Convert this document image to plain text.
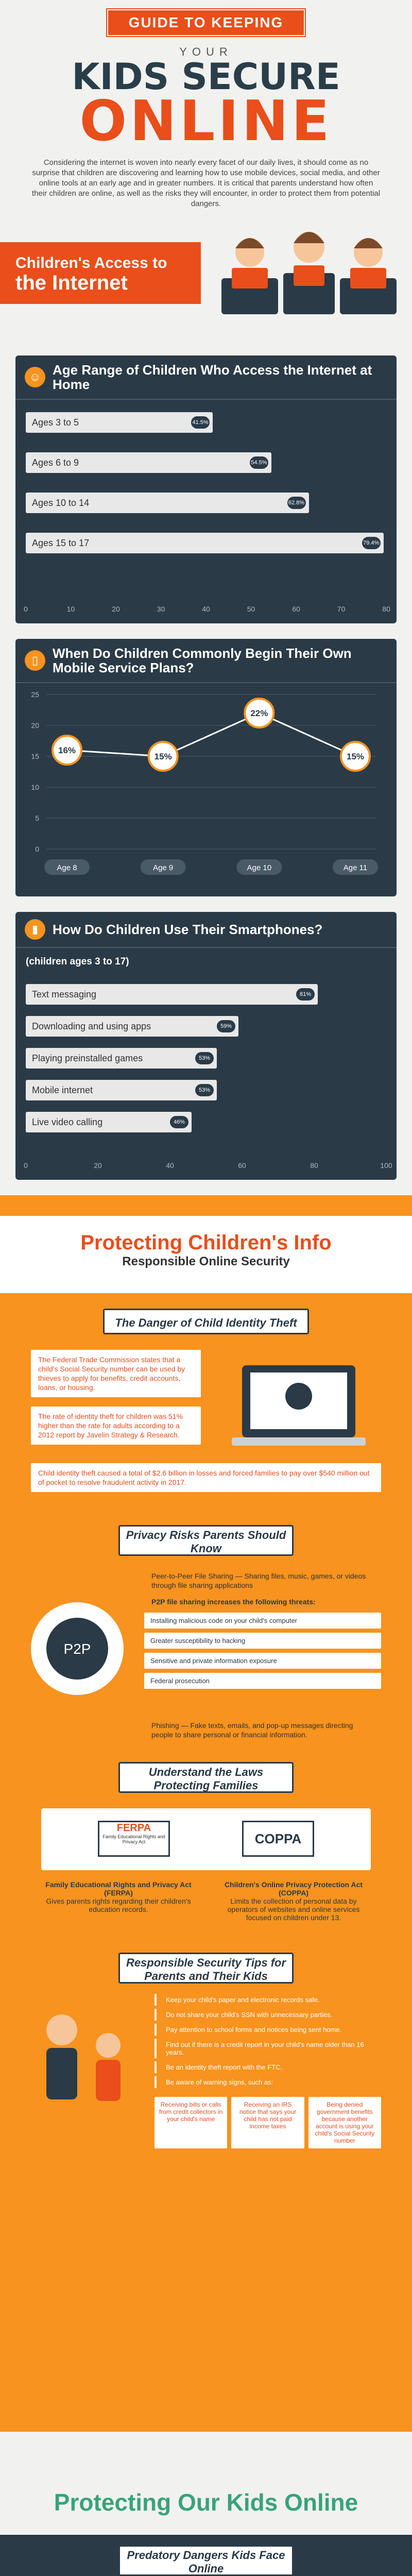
GUIDE TO KEEPING
YOUR
KIDS SECURE
ONLINE

Considering the internet is woven into nearly every facet of our daily lives, it should come as no surprise that children are discovering and learning how to use mobile devices, social media, and other online tools at an early age and in greater numbers. It is critical that parents understand how often their children are online, as well as the risks they will encounter, in order to protect them from potential dangers.

Children's Access to
the Internet
☺ Age Range of Children Who Access the Internet at Home
Ages 3 to 5	41.5%
Ages 6 to 9	54.5%
Ages 10 to 14	62.8%
Ages 15 to 17	79.4%
0	10	20	30	40	50	60	70	80
▯	When Do Children Commonly Begin Their Own Mobile Service Plans?
25
20
15
10
5
0
16%
Age 8
15%
Age 9
22%
Age 10
15%
Age 11
▮	How Do Children Use Their Smartphones?
(children ages 3 to 17)
Text messaging	81%
Downloading and using apps	59%
Playing preinstalled games	53%
Mobile internet	53%
Live video calling	46%
0	20	40	60	80	100
Protecting Children's Info
Responsible Online Security
The Danger of Child Identity Theft
The Federal Trade Commission states that a child's Social Security number can be used by thieves to apply for benefits, credit accounts, loans, or housing.
The rate of identity theft for children was 51% higher than the rate for adults according to a 2012 report by Javelin Strategy & Research.
Child identity theft caused a total of $2.6 billion in losses and forced families to pay over $540 million out of pocket to resolve fraudulent activity in 2017.
Privacy Risks Parents Should Know
Peer-to-Peer File Sharing — Sharing files, music, games, or videos through file sharing applications
P2P file sharing increases the following threats:
Installing malicious code on your child's computer
Greater susceptibility to hacking
Sensitive and private information exposure
Federal prosecution
Phishing — Fake texts, emails, and pop-up messages directing people to share personal or financial information.
P2P
Understand the Laws Protecting Families
FERPA
Family Educational Rights and Privacy Act	COPPA
Family Educational Rights and Privacy Act (FERPA)
Gives parents rights regarding their children's education records.
Children's Online Privacy Protection Act (COPPA)
Limits the collection of personal data by operators of websites and online services focused on children under 13.
Responsible Security Tips for Parents and Their Kids
Keep your child's paper and electronic records safe.
Do not share your child's SSN with unnecessary parties.
Pay attention to school forms and notices being sent home.
Find out if there is a credit report in your child's name older than 16 years.
Be an identity theft report with the FTC.
Be aware of warning signs, such as:
Receiving bills or calls from credit collectors in your child's name
Receiving an IRS notice that says your child has not paid income taxes
Being denied government benefits because another account is using your child's Social Security number
Protecting Our Kids Online
Predatory Dangers Kids Face Online
